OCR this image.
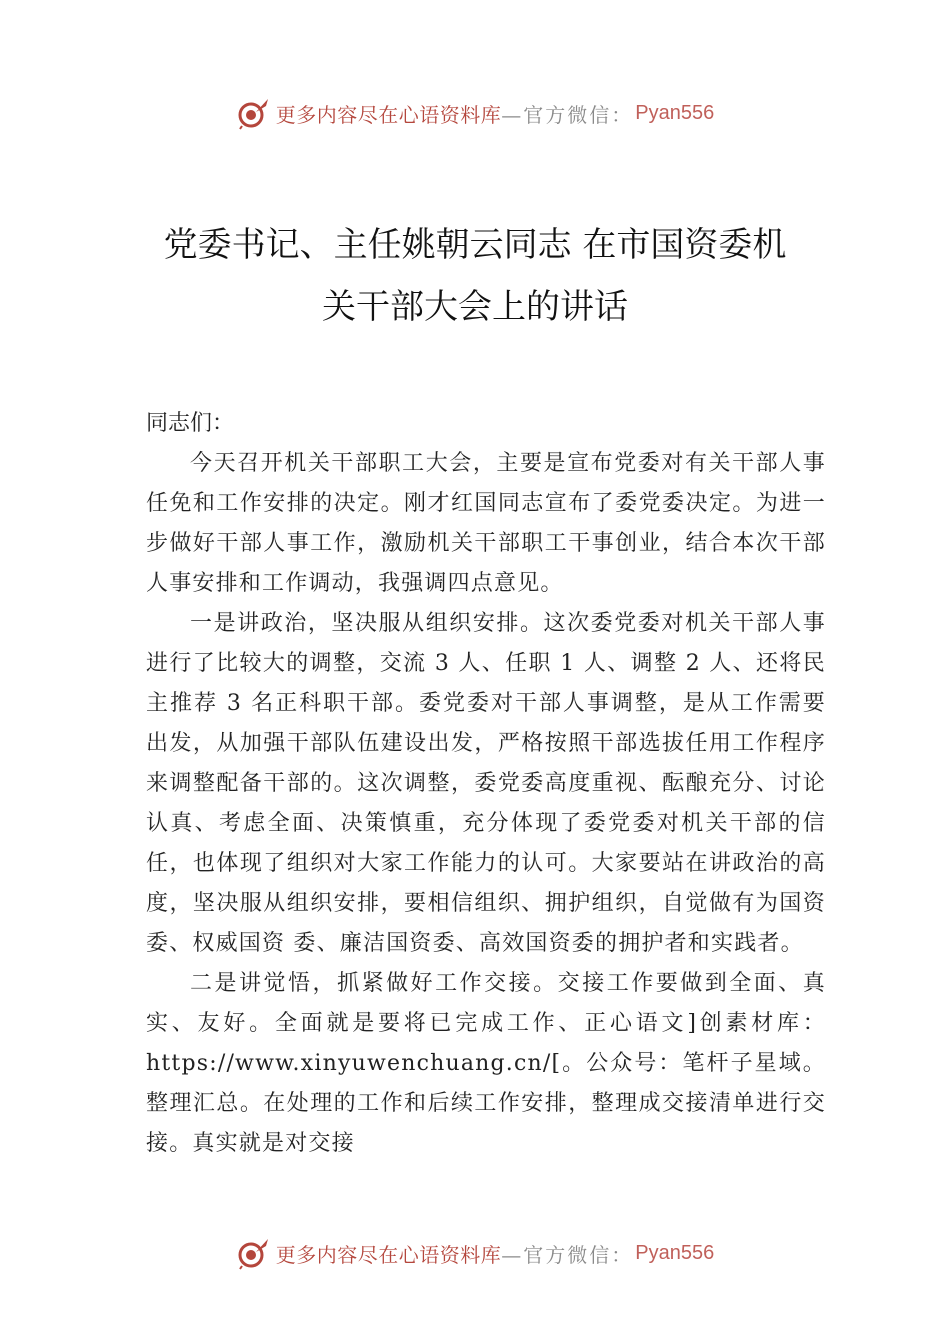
更多内容尽在心语资料库 —官方微信： Pyan556
党委书记、主任姚朝云同志 在市国资委机
关干部大会上的讲话

同志们：

今天召开机关干部职工大会，主要是宣布党委对有关干部人事任免和工作安排的决定。刚才红国同志宣布了委党委决定。为进一步做好干部人事工作，激励机关干部职工干事创业，结合本次干部人事安排和工作调动，我强调四点意见。

一是讲政治，坚决服从组织安排。这次委党委对机关干部人事进行了比较大的调整，交流 3 人、任职 1 人、调整 2 人、还将民主推荐 3 名正科职干部。委党委对干部人事调整，是从工作需要出发，从加强干部队伍建设出发，严格按照干部选拔任用工作程序来调整配备干部的。这次调整，委党委高度重视、酝酿充分、讨论认真、考虑全面、决策慎重，充分体现了委党委对机关干部的信任，也体现了组织对大家工作能力的认可。大家要站在讲政治的高度，坚决服从组织安排，要相信组织、拥护组织，自觉做有为国资委、权威国资 委、廉洁国资委、高效国资委的拥护者和实践者。

二是讲觉悟，抓紧做好工作交接。交接工作要做到全面、真实、友好。全面就是要将已完成工作、正心语文]创素材库：https://www.xinyuwenchuang.cn/[。公众号：笔杆子星域。整理汇总。在处理的工作和后续工作安排，整理成交接清单进行交接。真实就是对交接

更多内容尽在心语资料库 —官方微信： Pyan556
